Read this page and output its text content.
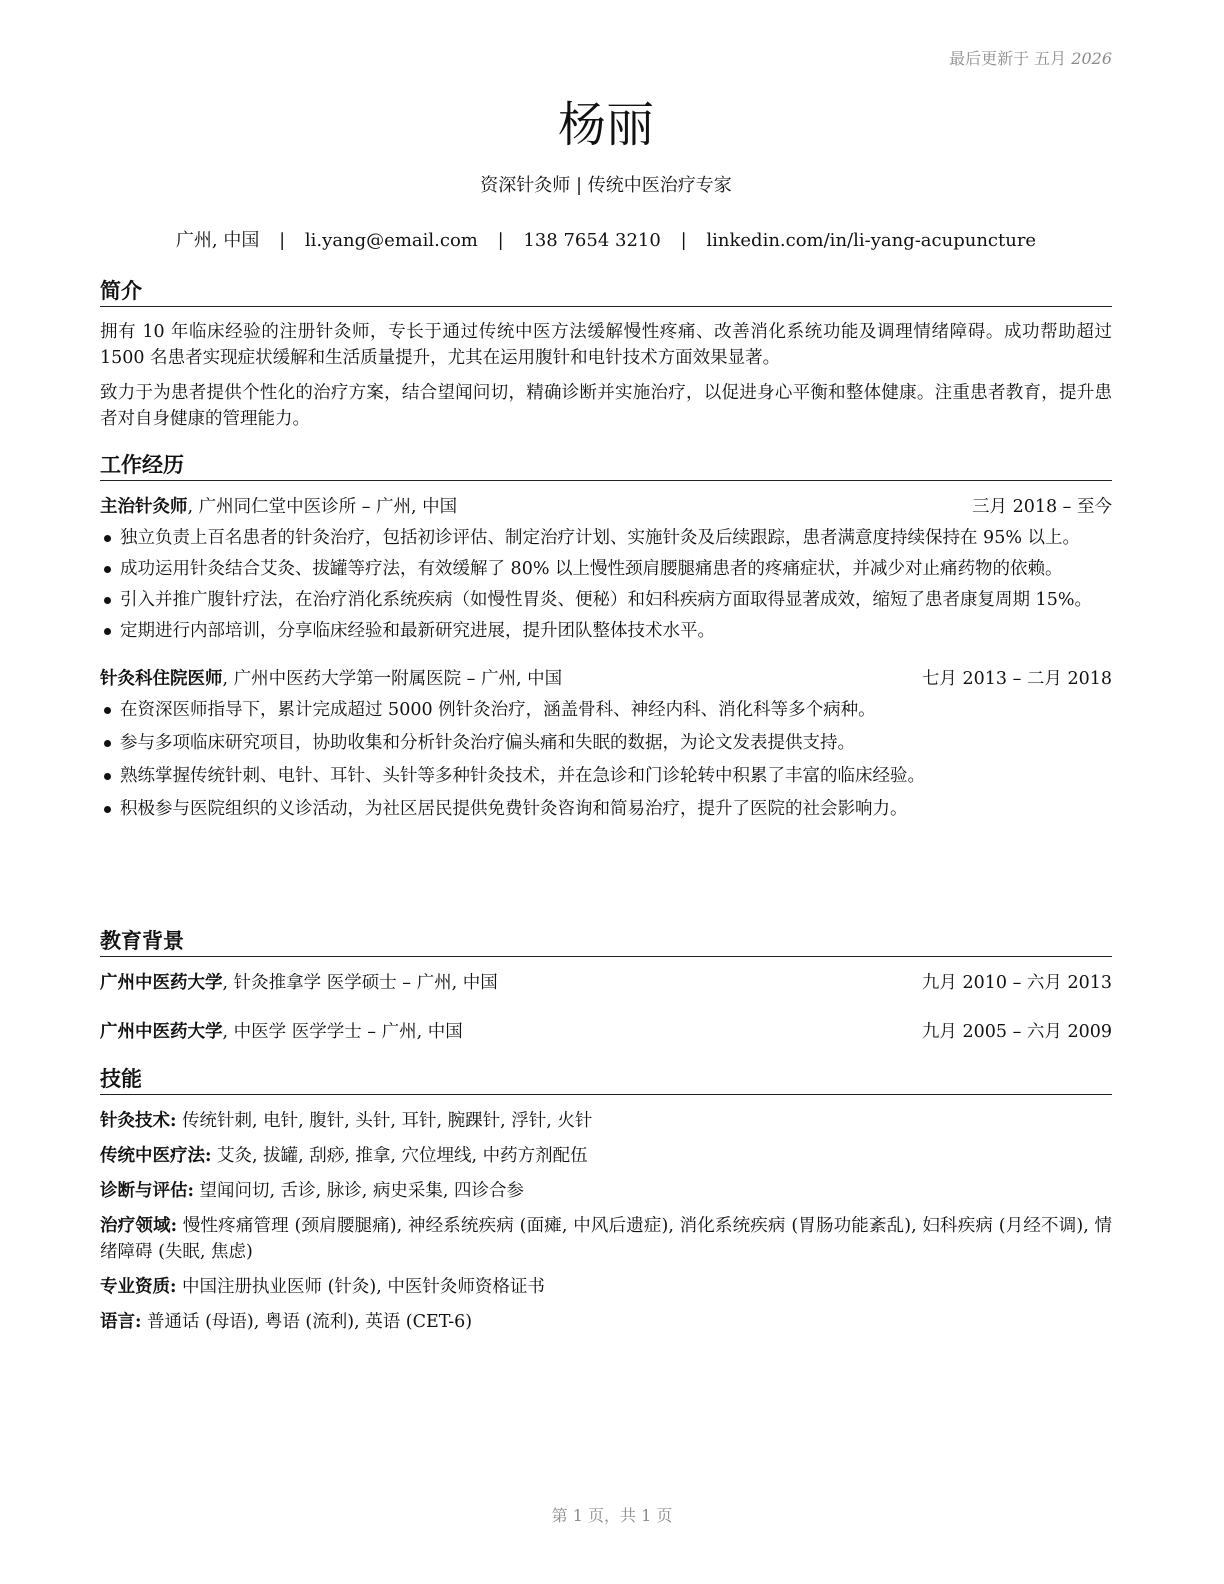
最后更新于 五月 2026
杨丽
资深针灸师 | 传统中医治疗专家
广州, 中国 | li.yang@email.com | 138 7654 3210 | linkedin.com/in/li-yang-acupuncture
简介

拥有 10 年临床经验的注册针灸师，专长于通过传统中医方法缓解慢性疼痛、改善消化系统功能及调理情绪障碍。成功帮助超过 1500 名患者实现症状缓解和生活质量提升，尤其在运用腹针和电针技术方面效果显著。

致力于为患者提供个性化的治疗方案，结合望闻问切，精确诊断并实施治疗，以促进身心平衡和整体健康。注重患者教育，提升患者对自身健康的管理能力。

工作经历
主治针灸师, 广州同仁堂中医诊所 – 广州, 中国	三月 2018 – 至今
独立负责上百名患者的针灸治疗，包括初诊评估、制定治疗计划、实施针灸及后续跟踪，患者满意度持续保持在 95% 以上。
成功运用针灸结合艾灸、拔罐等疗法，有效缓解了 80% 以上慢性颈肩腰腿痛患者的疼痛症状，并减少对止痛药物的依赖。
引入并推广腹针疗法，在治疗消化系统疾病（如慢性胃炎、便秘）和妇科疾病方面取得显著成效，缩短了患者康复周期 15%。
定期进行内部培训，分享临床经验和最新研究进展，提升团队整体技术水平。
针灸科住院医师, 广州中医药大学第一附属医院 – 广州, 中国	七月 2013 – 二月 2018
在资深医师指导下，累计完成超过 5000 例针灸治疗，涵盖骨科、神经内科、消化科等多个病种。
参与多项临床研究项目，协助收集和分析针灸治疗偏头痛和失眠的数据，为论文发表提供支持。
熟练掌握传统针刺、电针、耳针、头针等多种针灸技术，并在急诊和门诊轮转中积累了丰富的临床经验。
积极参与医院组织的义诊活动，为社区居民提供免费针灸咨询和简易治疗，提升了医院的社会影响力。
教育背景
广州中医药大学, 针灸推拿学 医学硕士 – 广州, 中国	九月 2010 – 六月 2013
广州中医药大学, 中医学 医学学士 – 广州, 中国	九月 2005 – 六月 2009
技能
针灸技术: 传统针刺, 电针, 腹针, 头针, 耳针, 腕踝针, 浮针, 火针
传统中医疗法: 艾灸, 拔罐, 刮痧, 推拿, 穴位埋线, 中药方剂配伍
诊断与评估: 望闻问切, 舌诊, 脉诊, 病史采集, 四诊合参
治疗领域: 慢性疼痛管理 (颈肩腰腿痛), 神经系统疾病 (面瘫, 中风后遗症), 消化系统疾病 (胃肠功能紊乱), 妇科疾病 (月经不调), 情绪障碍 (失眠, 焦虑)
专业资质: 中国注册执业医师 (针灸), 中医针灸师资格证书
语言: 普通话 (母语), 粤语 (流利), 英语 (CET-6)
第 1 页，共 1 页
